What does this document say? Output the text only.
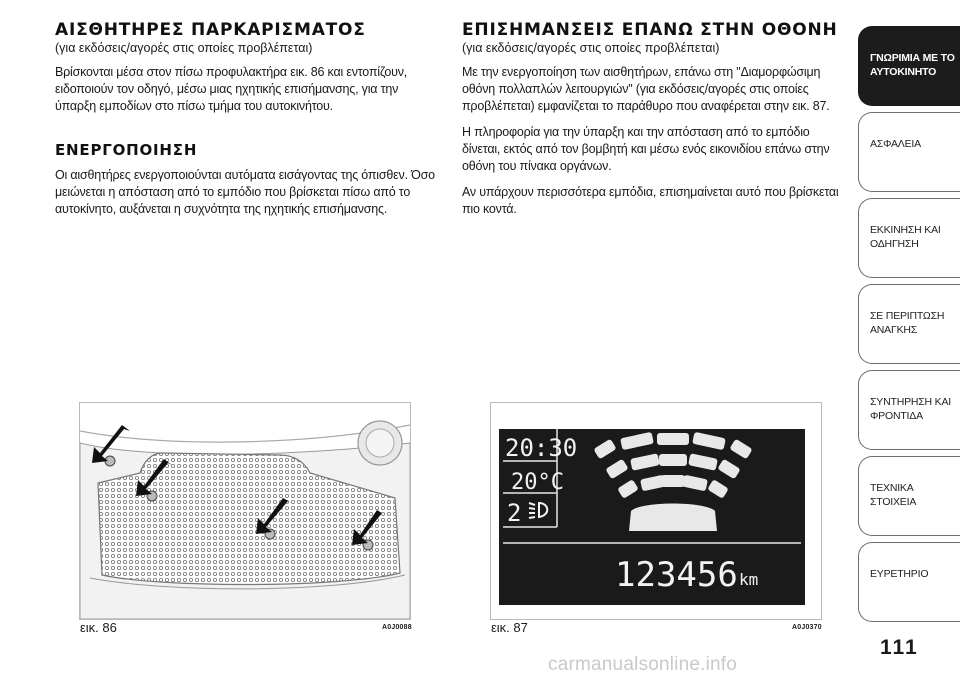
ΑΙΣΘΗΤΗΡΕΣ ΠΑΡΚΑΡΙΣΜΑΤΟΣ
(για εκδόσεις/αγορές στις οποίες προβλέπεται)

Βρίσκονται μέσα στον πίσω προφυλακτήρα εικ. 86 και εντοπίζουν, ειδοποιούν τον οδηγό, μέσω μιας ηχητικής επισήμανσης, για την ύπαρξη εμποδίων στο πίσω τμήμα του αυτοκινήτου.

ΕΝΕΡΓΟΠΟΙΗΣΗ

Οι αισθητήρες ενεργοποιούνται αυτόματα εισάγοντας της όπισθεν. Όσο μειώνεται η απόσταση από το εμπόδιο που βρίσκεται πίσω από το αυτοκίνητο, αυξάνεται η συχνότητα της ηχητικής επισήμανσης.

ΕΠΙΣΗΜΑΝΣΕΙΣ ΕΠΑΝΩ ΣΤΗΝ ΟΘΟΝΗ
(για εκδόσεις/αγορές στις οποίες προβλέπεται)

Με την ενεργοποίηση των αισθητήρων, επάνω στη "Διαμορφώσιμη οθόνη πολλαπλών λειτουργιών" (για εκδόσεις/αγορές στις οποίες προβλέπεται) εμφανίζεται το παράθυρο που αναφέρεται στην εικ. 87.

Η πληροφορία για την ύπαρξη και την απόσταση από το εμπόδιο δίνεται, εκτός από τον βομβητή και μέσω ενός εικονιδίου επάνω στην οθόνη του πίνακα οργάνων.

Αν υπάρχουν περισσότερα εμπόδια, επισημαίνεται αυτό που βρίσκεται πιο κοντά.

εικ. 86	A0J0088
20:30
20°C
2
123456 km
εικ. 87	A0J0370
ΓΝΩΡΙΜΙΑ ΜΕ ΤΟ ΑΥΤΟΚΙΝΗΤΟ
ΑΣΦΑΛΕΙΑ
ΕΚΚΙΝΗΣΗ ΚΑΙ ΟΔΗΓΗΣΗ
ΣΕ ΠΕΡΙΠΤΩΣΗ ΑΝΑΓΚΗΣ
ΣΥΝΤΗΡΗΣΗ ΚΑΙ ΦΡΟΝΤΙΔΑ
ΤΕΧΝΙΚΑ ΣΤΟΙΧΕΙΑ
ΕΥΡΕΤΗΡΙΟ
111
carmanualsonline.info
